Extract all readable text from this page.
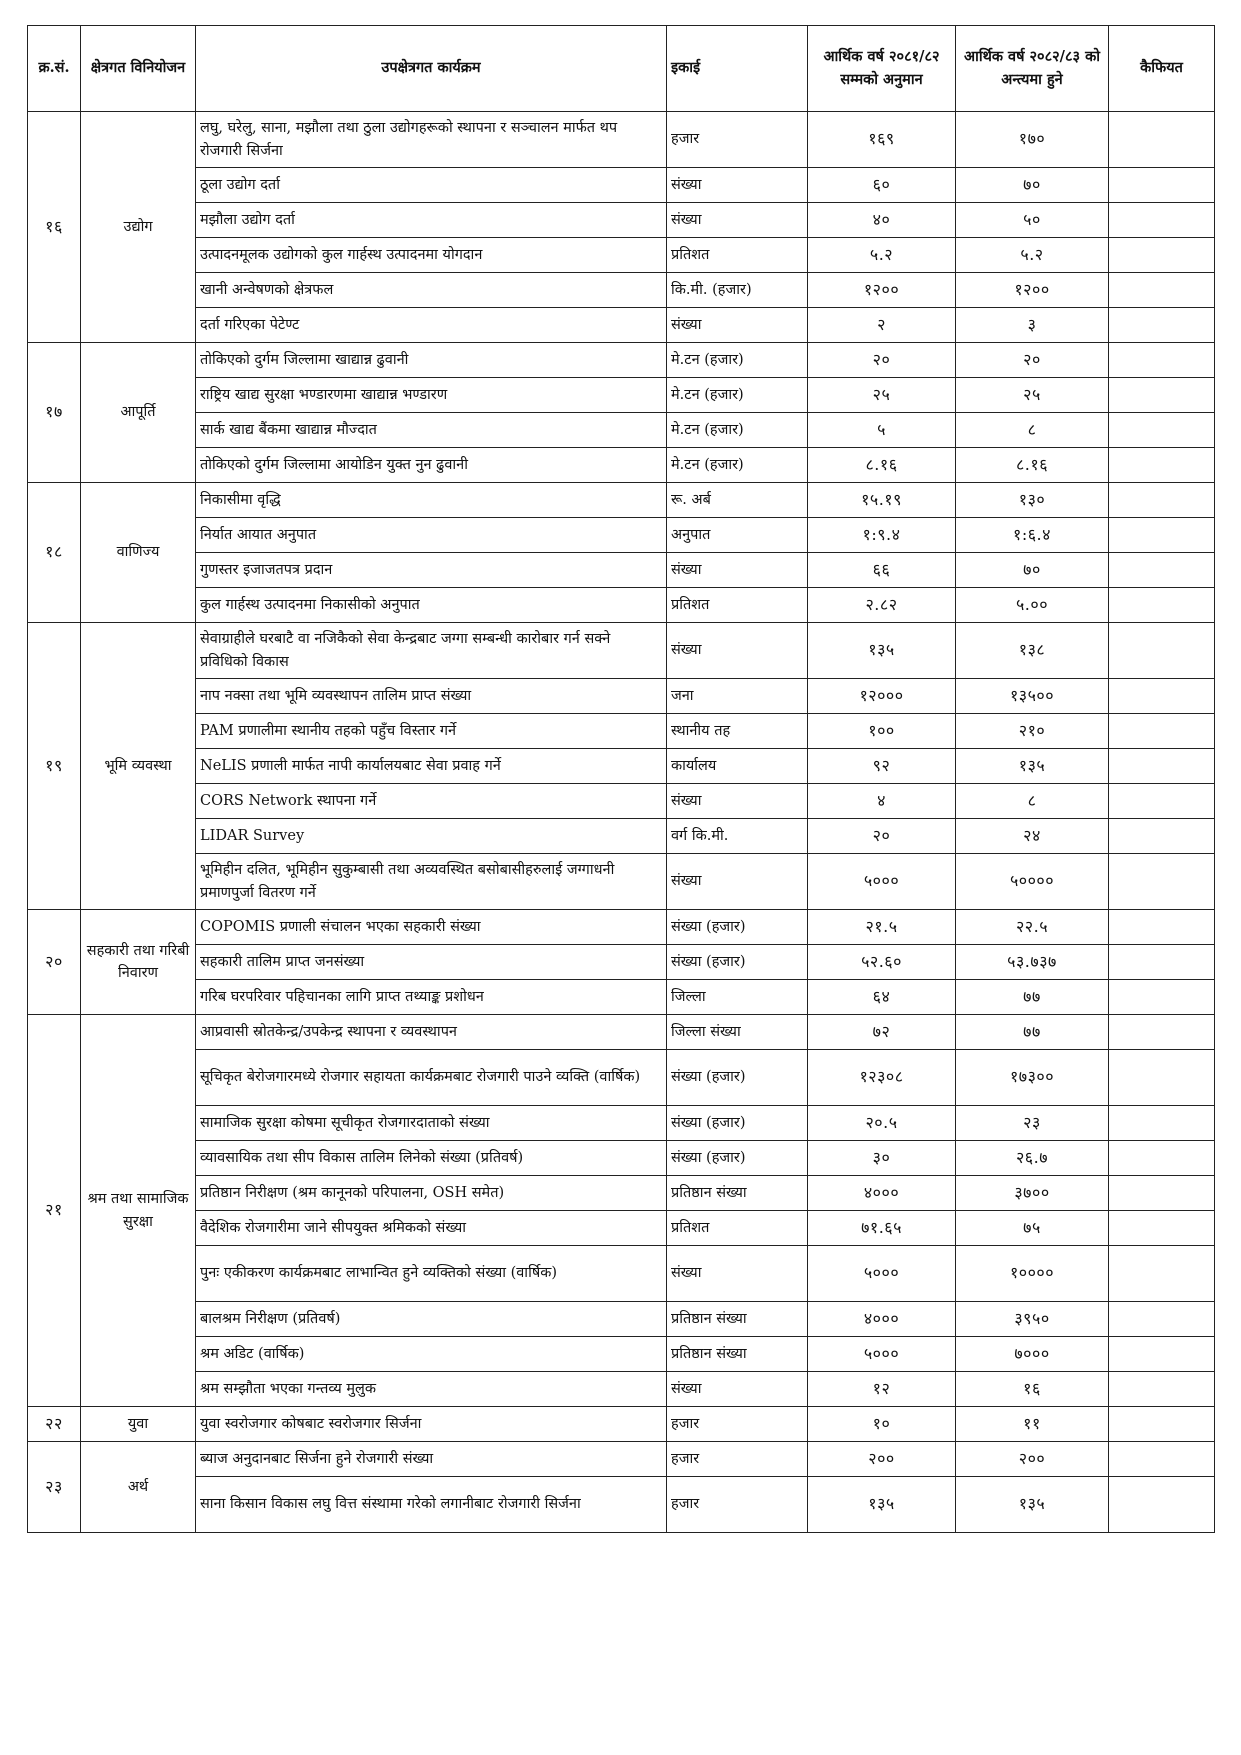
क्र.सं.	क्षेत्रगत विनियोजन	उपक्षेत्रगत कार्यक्रम	इकाई	आर्थिक वर्ष २०८१/८२ सम्मको अनुमान	आर्थिक वर्ष २०८२/८३ को अन्त्यमा हुने	कैफियत
१६	उद्योग	लघु, घरेलु, साना, मझौला तथा ठुला उद्योगहरूको स्थापना र सञ्चालन मार्फत थप रोजगारी सिर्जना	हजार	१६९	१७०	
		ठूला उद्योग दर्ता	संख्या	६०	७०	
		मझौला उद्योग दर्ता	संख्या	४०	५०	
		उत्पादनमूलक उद्योगको कुल गार्हस्थ उत्पादनमा योगदान	प्रतिशत	५.२	५.२	
		खानी अन्वेषणको क्षेत्रफल	कि.मी. (हजार)	१२००	१२००	
		दर्ता गरिएका पेटेण्ट	संख्या	२	३	
१७	आपूर्ति	तोकिएको दुर्गम जिल्लामा खाद्यान्न ढुवानी	मे.टन (हजार)	२०	२०	
		राष्ट्रिय खाद्य सुरक्षा भण्डारणमा खाद्यान्न भण्डारण	मे.टन (हजार)	२५	२५	
		सार्क खाद्य बैंकमा खाद्यान्न मौज्दात	मे.टन (हजार)	५	८	
		तोकिएको दुर्गम जिल्लामा आयोडिन युक्त नुन ढुवानी	मे.टन (हजार)	८.१६	८.१६	
१८	वाणिज्य	निकासीमा वृद्धि	रू. अर्ब	१५.१९	१३०	
		निर्यात आयात अनुपात	अनुपात	१:९.४	१:६.४	
		गुणस्तर इजाजतपत्र प्रदान	संख्या	६६	७०	
		कुल गार्हस्थ उत्पादनमा निकासीको अनुपात	प्रतिशत	२.८२	५.००	
१९	भूमि व्यवस्था	सेवाग्राहीले घरबाटै वा नजिकैको सेवा केन्द्रबाट जग्गा सम्बन्धी कारोबार गर्न सक्ने प्रविधिको विकास	संख्या	१३५	१३८	
		नाप नक्सा तथा भूमि व्यवस्थापन तालिम प्राप्त संख्या	जना	१२०००	१३५००	
		PAM प्रणालीमा स्थानीय तहको पहुँच विस्तार गर्ने	स्थानीय तह	१००	२१०	
		NeLIS प्रणाली मार्फत नापी कार्यालयबाट सेवा प्रवाह गर्ने	कार्यालय	९२	१३५	
		CORS Network स्थापना गर्ने	संख्या	४	८	
		LIDAR Survey	वर्ग कि.मी.	२०	२४	
		भूमिहीन दलित, भूमिहीन सुकुम्बासी तथा अव्यवस्थित बसोबासीहरुलाई जग्गाधनी प्रमाणपुर्जा वितरण गर्ने	संख्या	५०००	५००००	
२०	सहकारी तथा गरिबी निवारण	COPOMIS प्रणाली संचालन भएका सहकारी संख्या	संख्या (हजार)	२१.५	२२.५	
		सहकारी तालिम प्राप्त जनसंख्या	संख्या (हजार)	५२.६०	५३.७३७	
		गरिब घरपरिवार पहिचानका लागि प्राप्त तथ्याङ्क प्रशोधन	जिल्ला	६४	७७	
२१	श्रम तथा सामाजिक सुरक्षा	आप्रवासी स्रोतकेन्द्र/उपकेन्द्र स्थापना र व्यवस्थापन	जिल्ला संख्या	७२	७७	
		सूचिकृत बेरोजगारमध्ये रोजगार सहायता कार्यक्रमबाट रोजगारी पाउने व्यक्ति (वार्षिक)	संख्या (हजार)	१२३०८	१७३००	
		सामाजिक सुरक्षा कोषमा सूचीकृत रोजगारदाताको संख्या	संख्या (हजार)	२०.५	२३	
		व्यावसायिक तथा सीप विकास तालिम लिनेको संख्या (प्रतिवर्ष)	संख्या (हजार)	३०	२६.७	
		प्रतिष्ठान निरीक्षण (श्रम कानूनको परिपालना, OSH समेत)	प्रतिष्ठान संख्या	४०००	३७००	
		वैदेशिक रोजगारीमा जाने सीपयुक्त श्रमिकको संख्या	प्रतिशत	७१.६५	७५	
		पुनः एकीकरण कार्यक्रमबाट लाभान्वित हुने व्यक्तिको संख्या (वार्षिक)	संख्या	५०००	१००००	
		बालश्रम निरीक्षण (प्रतिवर्ष)	प्रतिष्ठान संख्या	४०००	३९५०	
		श्रम अडिट (वार्षिक)	प्रतिष्ठान संख्या	५०००	७०००	
		श्रम सम्झौता भएका गन्तव्य मुलुक	संख्या	१२	१६	
२२	युवा	युवा स्वरोजगार कोषबाट स्वरोजगार सिर्जना	हजार	१०	११	
२३	अर्थ	ब्याज अनुदानबाट सिर्जना हुने रोजगारी संख्या	हजार	२००	२००	
		साना किसान विकास लघु वित्त संस्थामा गरेको लगानीबाट रोजगारी सिर्जना	हजार	१३५	१३५	
